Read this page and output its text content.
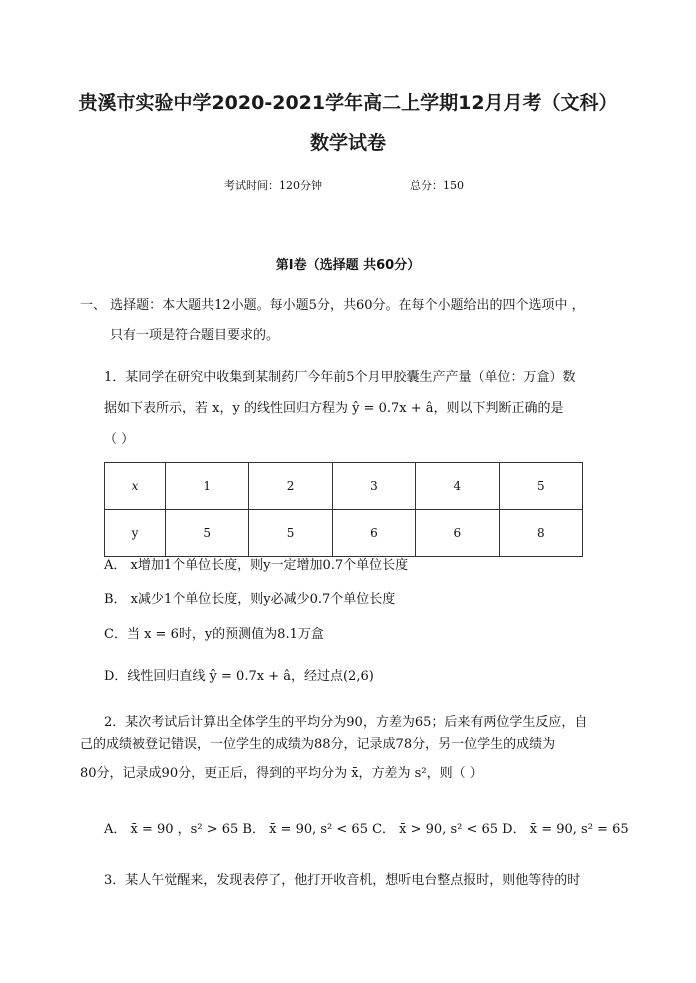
贵溪市实验中学2020-2021学年高二上学期12月月考（文科）
数学试卷
考试时间：120分钟	总分：150
第Ⅰ卷（选择题 共60分）
一、 选择题：本大题共12小题。每小题5分，共60分。在每个小题给出的四个选项中 ，
只有一项是符合题目要求的。
1．某同学在研究中收集到某制药厂今年前5个月甲胶囊生产产量（单位：万盒）数
据如下表所示，若 x，y 的线性回归方程为 ŷ = 0.7x + â，则以下判断正确的是
（ ）
x	1	2	3	4	5
y	5	5	6	6	8
A． x增加1个单位长度，则y一定增加0.7个单位长度
B． x减少1个单位长度，则y必减少0.7个单位长度
C．当 x = 6时，y的预测值为8.1万盒
D．线性回归直线 ŷ = 0.7x + â，经过点(2,6)
2．某次考试后计算出全体学生的平均分为90，方差为65；后来有两位学生反应，自
己的成绩被登记错误，一位学生的成绩为88分，记录成78分，另一位学生的成绩为
80分，记录成90分，更正后，得到的平均分为 x̄，方差为 s²，则（ ）
A． x̄ = 90 ，s² > 65 B． x̄ = 90, s² < 65 C． x̄ > 90, s² < 65 D． x̄ = 90, s² = 65
3．某人午觉醒来，发现表停了，他打开收音机，想听电台整点报时，则他等待的时
